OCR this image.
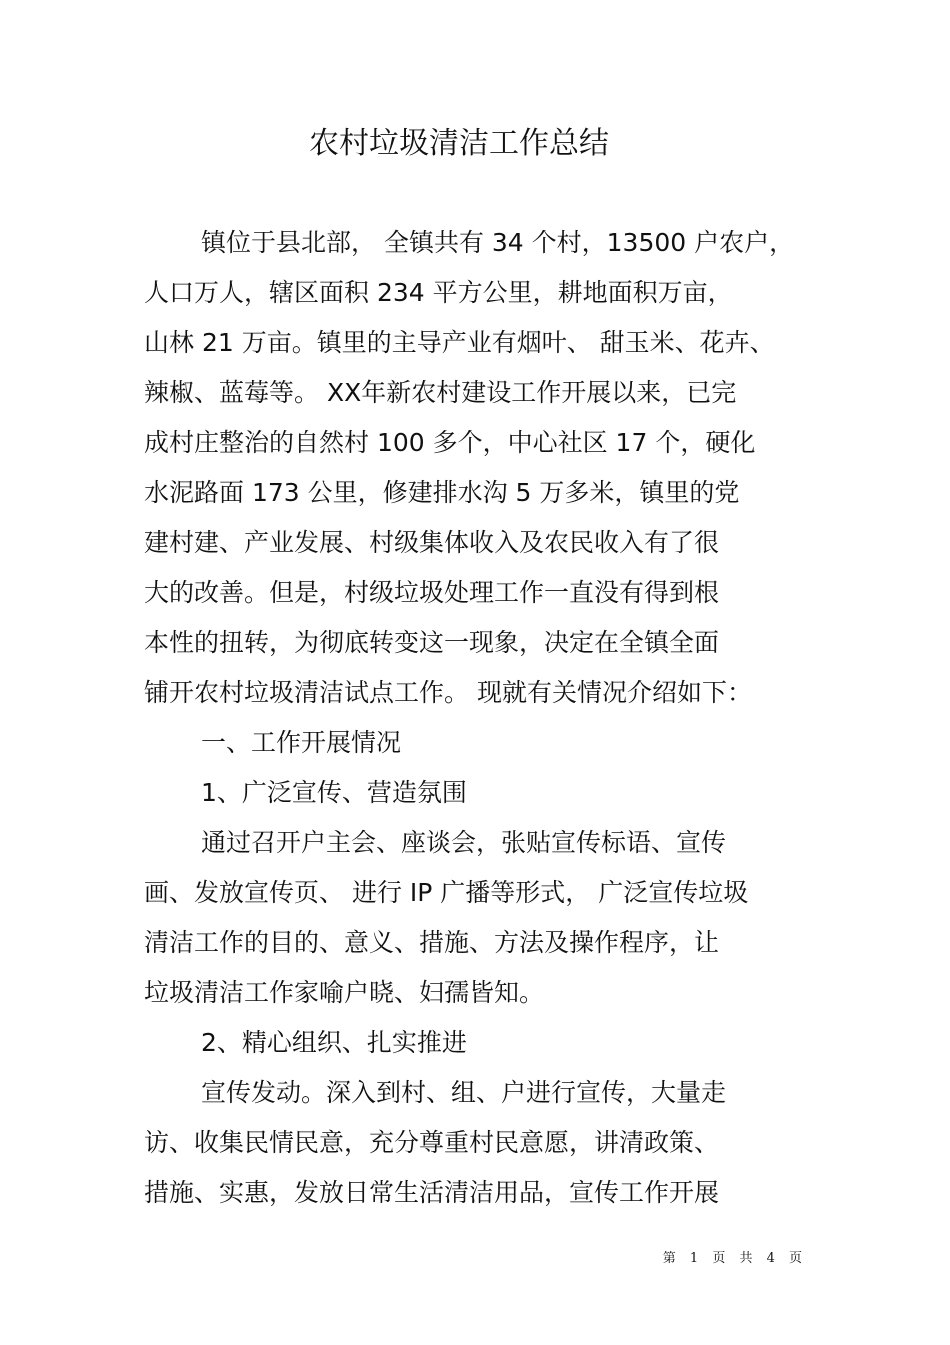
农村垃圾清洁工作总结
镇位于县北部， 全镇共有 34 个村，13500 户农户，
人口万人，辖区面积 234 平方公里，耕地面积万亩，
山林 21 万亩。镇里的主导产业有烟叶、 甜玉米、花卉、
辣椒、蓝莓等。 XX年新农村建设工作开展以来，已完
成村庄整治的自然村 100 多个，中心社区 17 个，硬化
水泥路面 173 公里，修建排水沟 5 万多米，镇里的党
建村建、产业发展、村级集体收入及农民收入有了很
大的改善。但是，村级垃圾处理工作一直没有得到根
本性的扭转，为彻底转变这一现象，决定在全镇全面
铺开农村垃圾清洁试点工作。 现就有关情况介绍如下：
一、工作开展情况
1、广泛宣传、营造氛围
通过召开户主会、座谈会，张贴宣传标语、宣传
画、发放宣传页、 进行 IP 广播等形式， 广泛宣传垃圾
清洁工作的目的、意义、措施、方法及操作程序，让
垃圾清洁工作家喻户晓、妇孺皆知。
2、精心组织、扎实推进
宣传发动。深入到村、组、户进行宣传，大量走
访、收集民情民意，充分尊重村民意愿，讲清政策、
措施、实惠，发放日常生活清洁用品，宣传工作开展
第 1 页 共 4 页
